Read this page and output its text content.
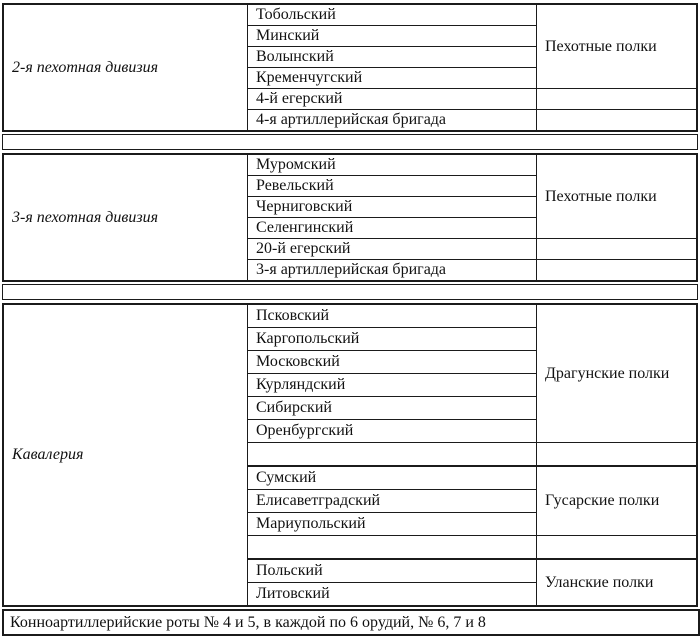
2-я пехотная дивизия	Тобольский	Пехотные полки
	Минский	
	Волынский	
	Кременчугский	
	4-й егерский	
	4-я артиллерийская бригада	
3-я пехотная дивизия	Муромский	Пехотные полки
	Ревельский	
	Черниговский	
	Селенгинский	
	20-й егерский	
	3-я артиллерийская бригада	
Кавалерия	Псковский	Драгунские полки
	Каргопольский	
	Московский	
	Курляндский	
	Сибирский	
	Оренбургский	

	Сумский	Гусарские полки
	Елисаветградский	
	Мариупольский	

	Польский	Уланские полки
	Литовский	
Конноартиллерийские роты № 4 и 5, в каждой по 6 орудий, № 6, 7 и 8
